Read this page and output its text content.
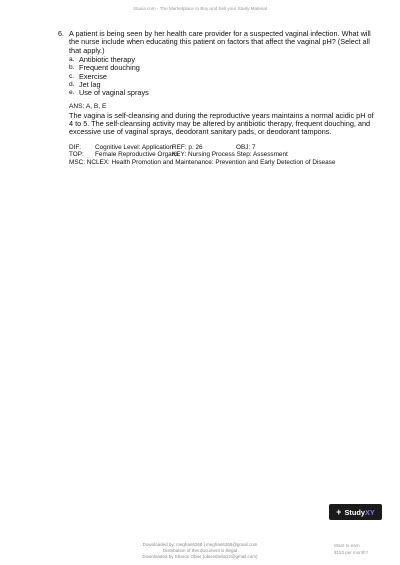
Stuvia.com - The Marketplace to Buy and Sell your Study Material
6. A patient is being seen by her health care provider for a suspected vaginal infection. What will the nurse include when educating this patient on factors that affect the vaginal pH? (Select all that apply.)
a. Antibiotic therapy
b. Frequent douching
c. Exercise
d. Jet lag
e. Use of vaginal sprays
ANS: A, B, E
The vagina is self-cleansing and during the reproductive years maintains a normal acidic pH of 4 to 5. The self-cleansing activity may be altered by antibiotic therapy, frequent douching, and excessive use of vaginal sprays, deodorant sanitary pads, or deodorant tampons.
DIF: Cognitive Level: Application
REF: p. 26	OBJ: 7
TOP: Female Reproductive Organs
KEY: Nursing Process Step: Assessment
MSC: NCLEX: Health Promotion and Maintenance: Prevention and Early Detection of Disease
+ Study XY
Downloaded by: meghan6268 | meghan6268@gmail.com
Distribution of this document is illegal
Downloaded by Sharon Obier (obiersheila22@gmail.com)
Want to earn
$153 per month?
